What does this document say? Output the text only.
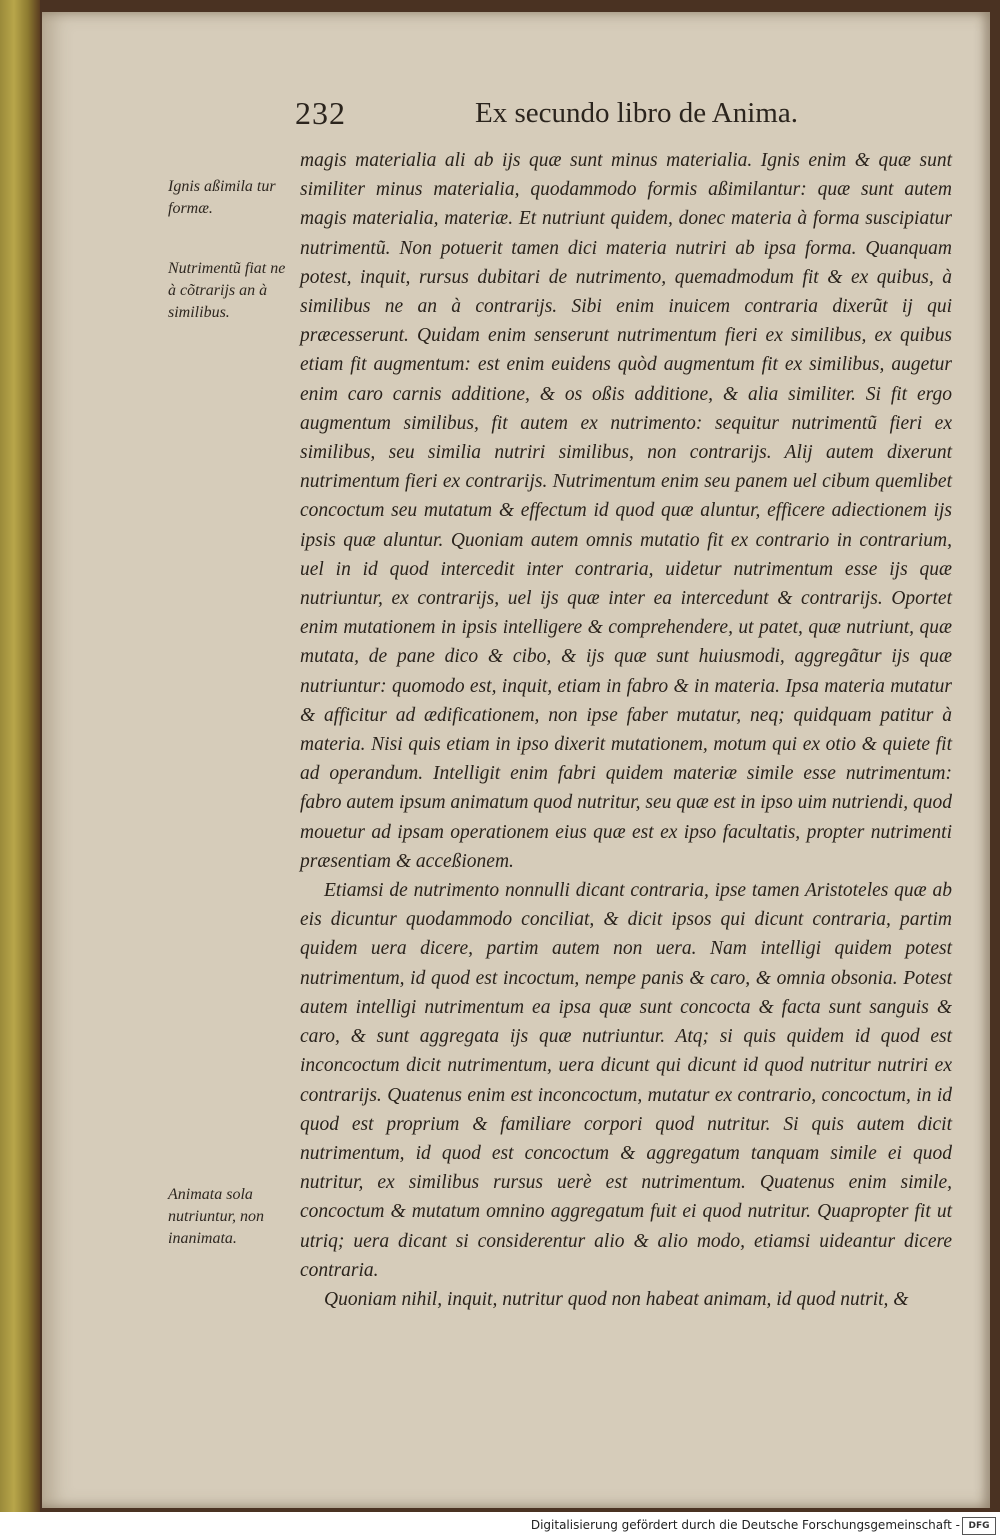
232	Ex secundo libro de Anima.
Ignis aßimila tur formæ.
Nutrimentũ fiat ne à cõtrarijs an à similibus.
Animata sola nutriuntur, non inanimata.

magis materialia ali ab ijs quæ sunt minus materialia. Ignis enim & quæ sunt similiter minus materialia, quodammodo formis aßimilantur: quæ sunt autem magis materialia, materiæ. Et nutriunt quidem, donec materia à forma suscipiatur nutrimentũ. Non potuerit tamen dici materia nutriri ab ipsa forma. Quanquam potest, inquit, rursus dubitari de nutrimento, quemadmodum fit & ex quibus, à similibus ne an à contrarijs. Sibi enim inuicem contraria dixerũt ij qui præcesserunt. Quidam enim senserunt nutrimentum fieri ex similibus, ex quibus etiam fit augmentum: est enim euidens quòd augmentum fit ex similibus, augetur enim caro carnis additione, & os oßis additione, & alia similiter. Si fit ergo augmentum similibus, fit autem ex nutrimento: sequitur nutrimentũ fieri ex similibus, seu similia nutriri similibus, non contrarijs. Alij autem dixerunt nutrimentum fieri ex contrarijs. Nutrimentum enim seu panem uel cibum quemlibet concoctum seu mutatum & effectum id quod quæ aluntur, efficere adiectionem ijs ipsis quæ aluntur. Quoniam autem omnis mutatio fit ex contrario in contrarium, uel in id quod intercedit inter contraria, uidetur nutrimentum esse ijs quæ nutriuntur, ex contrarijs, uel ijs quæ inter ea intercedunt & contrarijs. Oportet enim mutationem in ipsis intelligere & comprehendere, ut patet, quæ nutriunt, quæ mutata, de pane dico & cibo, & ijs quæ sunt huiusmodi, aggregãtur ijs quæ nutriuntur: quomodo est, inquit, etiam in fabro & in materia. Ipsa materia mutatur & afficitur ad ædificationem, non ipse faber mutatur, neq; quidquam patitur à materia. Nisi quis etiam in ipso dixerit mutationem, motum qui ex otio & quiete fit ad operandum. Intelligit enim fabri quidem materiæ simile esse nutrimentum: fabro autem ipsum animatum quod nutritur, seu quæ est in ipso uim nutriendi, quod mouetur ad ipsam operationem eius quæ est ex ipso facultatis, propter nutrimenti præsentiam & acceßionem.

Etiamsi de nutrimento nonnulli dicant contraria, ipse tamen Aristoteles quæ ab eis dicuntur quodammodo conciliat, & dicit ipsos qui dicunt contraria, partim quidem uera dicere, partim autem non uera. Nam intelligi quidem potest nutrimentum, id quod est incoctum, nempe panis & caro, & omnia obsonia. Potest autem intelligi nutrimentum ea ipsa quæ sunt concocta & facta sunt sanguis & caro, & sunt aggregata ijs quæ nutriuntur. Atq; si quis quidem id quod est inconcoctum dicit nutrimentum, uera dicunt qui dicunt id quod nutritur nutriri ex contrarijs. Quatenus enim est inconcoctum, mutatur ex contrario, concoctum, in id quod est proprium & familiare corpori quod nutritur. Si quis autem dicit nutrimentum, id quod est concoctum & aggregatum tanquam simile ei quod nutritur, ex similibus rursus uerè est nutrimentum. Quatenus enim simile, concoctum & mutatum omnino aggregatum fuit ei quod nutritur. Quapropter fit ut utriq; uera dicant si considerentur alio & alio modo, etiamsi uideantur dicere contraria.

Quoniam nihil, inquit, nutritur quod non habeat animam, id quod nutrit, &

Digitalisierung gefördert durch die Deutsche Forschungsgemeinschaft - DFG
